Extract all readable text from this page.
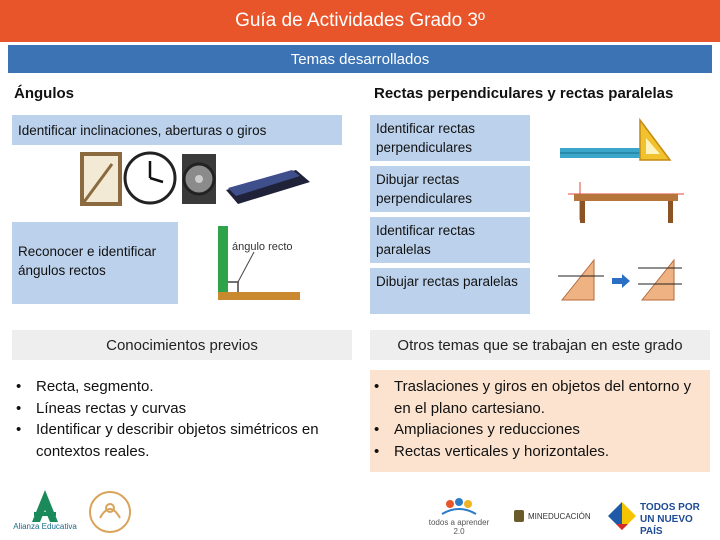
Guía de Actividades Grado 3º
Temas desarrollados
Ángulos
Identificar inclinaciones, aberturas o giros
Reconocer e identificar ángulos rectos
ángulo recto
Rectas perpendiculares y rectas paralelas
Identificar rectas perpendiculares
Dibujar rectas perpendiculares
Identificar rectas paralelas
Dibujar rectas paralelas
Conocimientos previos	Otros temas que se trabajan en este grado
• Recta, segmento.
• Líneas rectas y curvas
• Identificar y describir objetos simétricos en contextos reales.
• Traslaciones y giros en objetos del entorno y en el plano cartesiano.
• Ampliaciones y reducciones
• Rectas verticales y horizontales.
Alianza Educativa	todos a aprender 2.0
MINEDUCACIÓN
TODOS POR UN NUEVO PAÍS
